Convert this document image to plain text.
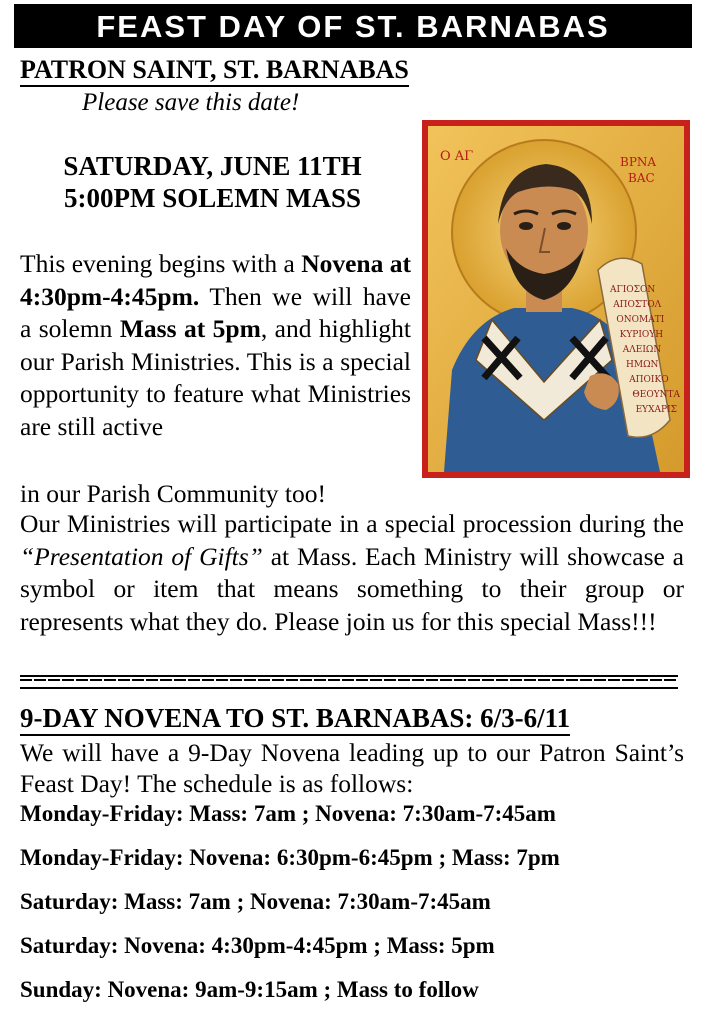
FEAST DAY OF ST. BARNABAS
PATRON SAINT, ST. BARNABAS
Please save this date!
SATURDAY, JUNE 11TH
5:00PM SOLEMN MASS
This evening begins with a Novena at 4:30pm-4:45pm. Then we will have a solemn Mass at 5pm, and highlight our Parish Ministries. This is a special opportunity to feature what Ministries are still active
in our Parish Community too!
Our Ministries will participate in a special procession during the “Presentation of Gifts” at Mass. Each Ministry will showcase a symbol or item that means something to their group or represents what they do. Please join us for this special Mass!!!
Ο ΑΓ	ΒΡΝΑ
ΒΑC
ΑΓΙΟΣΟΝ
ΑΠΟΣΤΟΛ
ΟΝΟΜΑΤΙ
ΚΥΡΙΟΥΗ
ΑΛΕΙΩΝ
ΗΜΩΝ
ΑΠΟΙΚΟ
ΘΕΟΥΝΤΑ
ΕΥΧΑΡΙΣ
9-DAY NOVENA TO ST. BARNABAS: 6/3-6/11
We will have a 9-Day Novena leading up to our Patron Saint’s Feast Day! The schedule is as follows:
Monday-Friday: Mass: 7am ; Novena: 7:30am-7:45am
Monday-Friday: Novena: 6:30pm-6:45pm ; Mass: 7pm
Saturday: Mass: 7am ; Novena: 7:30am-7:45am
Saturday: Novena: 4:30pm-4:45pm ; Mass: 5pm
Sunday: Novena: 9am-9:15am ; Mass to follow
